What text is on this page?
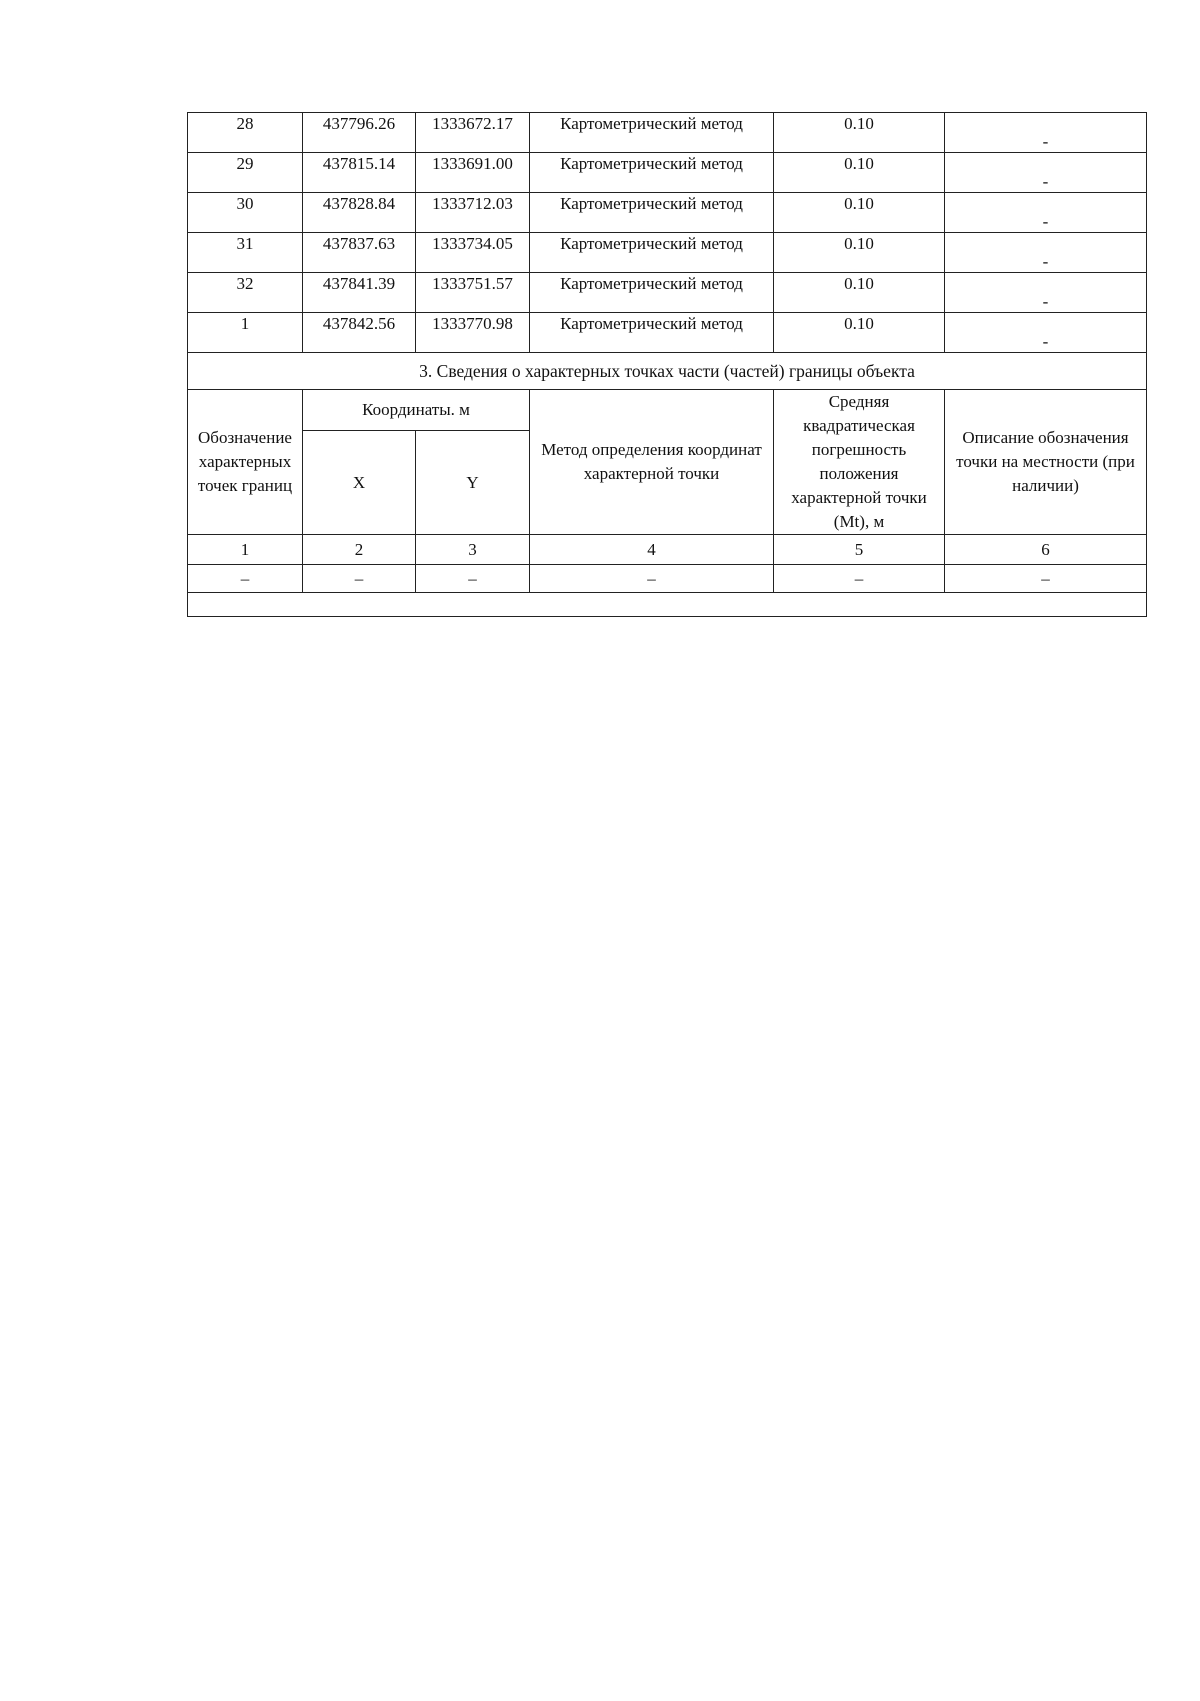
28	437796.26	1333672.17	Картометрический метод	0.10	-
29	437815.14	1333691.00	Картометрический метод	0.10	-
30	437828.84	1333712.03	Картометрический метод	0.10	-
31	437837.63	1333734.05	Картометрический метод	0.10	-
32	437841.39	1333751.57	Картометрический метод	0.10	-
1	437842.56	1333770.98	Картометрический метод	0.10	-
3. Сведения о характерных точках части (частей) границы объекта					
Обозначение характерных точек границ	Координаты. м		Метод определения координат характерной точки	Средняя квадратическая погрешность положения характерной точки (Mt), м	Описание обозначения точки на местности (при наличии)
	X	Y			
1	2	3	4	5	6
–	–	–	–	–	–
